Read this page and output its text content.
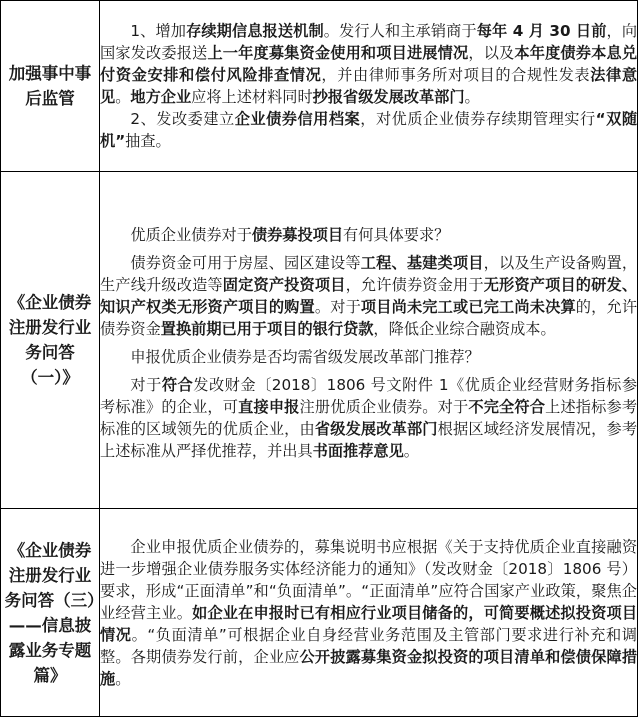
加强事中事后监管	1、增加存续期信息报送机制。发行人和主承销商于每年 4 月 30 日前，向国家发改委报送上一年度募集资金使用和项目进展情况，以及本年度债券本息兑付资金安排和偿付风险排查情况，并由律师事务所对项目的合规性发表法律意见。地方企业应将上述材料同时抄报省级发展改革部门。

2、发改委建立企业债券信用档案，对优质企业债券存续期管理实行“双随机”抽查。

《企业债券注册发行业务问答（一）》	优质企业债券对于债券募投项目有何具体要求？

债券资金可用于房屋、园区建设等工程、基建类项目，以及生产设备购置，生产线升级改造等固定资产投资项目，允许债券资金用于无形资产项目的研发、知识产权类无形资产项目的购置。对于项目尚未完工或已完工尚未决算的，允许债券资金置换前期已用于项目的银行贷款，降低企业综合融资成本。

申报优质企业债券是否均需省级发展改革部门推荐？

对于符合发改财金〔2018〕1806 号文附件 1《优质企业经营财务指标参考标准》的企业，可直接申报注册优质企业债券。对于不完全符合上述指标参考标准的区域领先的优质企业，由省级发展改革部门根据区域经济发展情况，参考上述标准从严择优推荐，并出具书面推荐意见。

《企业债券注册发行业务问答（三）——信息披露业务专题篇》	企业申报优质企业债券的，募集说明书应根据《关于支持优质企业直接融资 进一步增强企业债券服务实体经济能力的通知》（发改财金〔2018〕1806 号）要求，形成“正面清单”和“负面清单”。“正面清单”应符合国家产业政策，聚焦企业经营主业。如企业在申报时已有相应行业项目储备的，可简要概述拟投资项目情况。“负面清单”可根据企业自身经营业务范围及主管部门要求进行补充和调整。各期债券发行前，企业应公开披露募集资金拟投资的项目清单和偿债保障措施。
